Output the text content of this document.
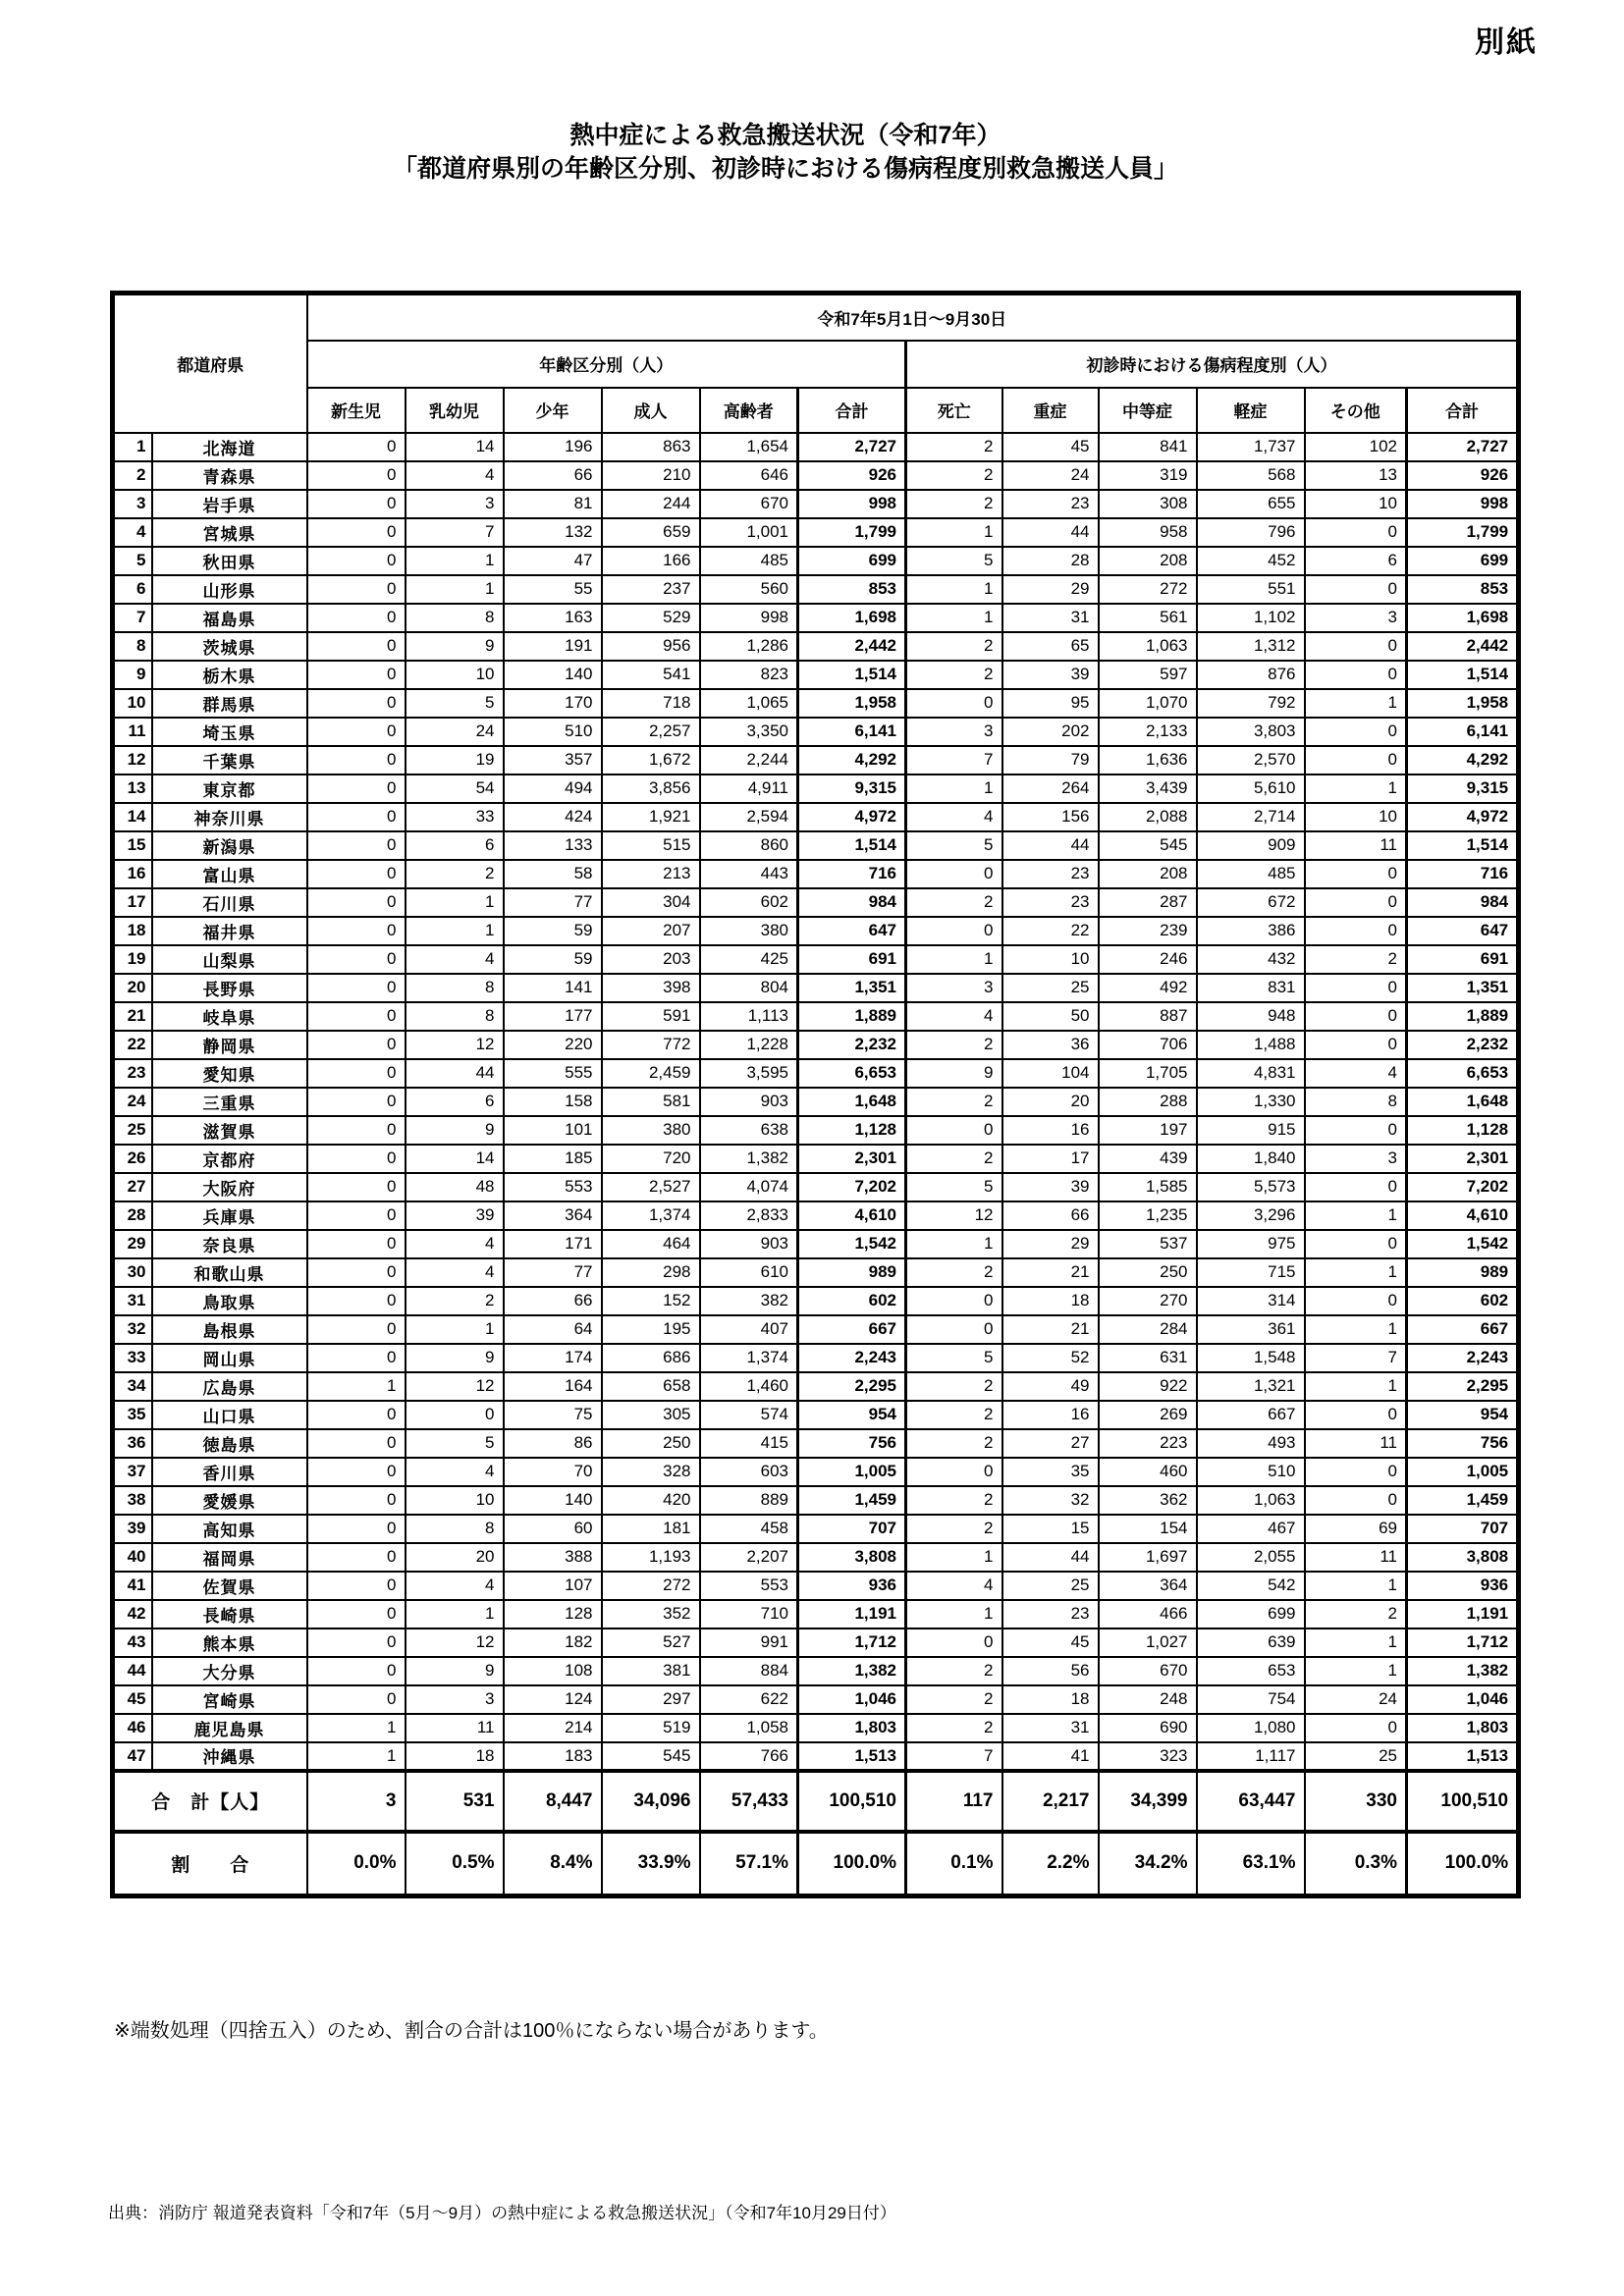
別紙
熱中症による救急搬送状況（令和7年）
「都道府県別の年齢区分別、初診時における傷病程度別救急搬送人員」
都道府県		令和7年5月1日～9月30日											
		年齢区分別（人）						初診時における傷病程度別（人）					
		新生児	乳幼児	少年	成人	高齢者	合計	死亡	重症	中等症	軽症	その他	合計
1	北海道	0	14	196	863	1,654	2,727	2	45	841	1,737	102	2,727
2	青森県	0	4	66	210	646	926	2	24	319	568	13	926
3	岩手県	0	3	81	244	670	998	2	23	308	655	10	998
4	宮城県	0	7	132	659	1,001	1,799	1	44	958	796	0	1,799
5	秋田県	0	1	47	166	485	699	5	28	208	452	6	699
6	山形県	0	1	55	237	560	853	1	29	272	551	0	853
7	福島県	0	8	163	529	998	1,698	1	31	561	1,102	3	1,698
8	茨城県	0	9	191	956	1,286	2,442	2	65	1,063	1,312	0	2,442
9	栃木県	0	10	140	541	823	1,514	2	39	597	876	0	1,514
10	群馬県	0	5	170	718	1,065	1,958	0	95	1,070	792	1	1,958
11	埼玉県	0	24	510	2,257	3,350	6,141	3	202	2,133	3,803	0	6,141
12	千葉県	0	19	357	1,672	2,244	4,292	7	79	1,636	2,570	0	4,292
13	東京都	0	54	494	3,856	4,911	9,315	1	264	3,439	5,610	1	9,315
14	神奈川県	0	33	424	1,921	2,594	4,972	4	156	2,088	2,714	10	4,972
15	新潟県	0	6	133	515	860	1,514	5	44	545	909	11	1,514
16	富山県	0	2	58	213	443	716	0	23	208	485	0	716
17	石川県	0	1	77	304	602	984	2	23	287	672	0	984
18	福井県	0	1	59	207	380	647	0	22	239	386	0	647
19	山梨県	0	4	59	203	425	691	1	10	246	432	2	691
20	長野県	0	8	141	398	804	1,351	3	25	492	831	0	1,351
21	岐阜県	0	8	177	591	1,113	1,889	4	50	887	948	0	1,889
22	静岡県	0	12	220	772	1,228	2,232	2	36	706	1,488	0	2,232
23	愛知県	0	44	555	2,459	3,595	6,653	9	104	1,705	4,831	4	6,653
24	三重県	0	6	158	581	903	1,648	2	20	288	1,330	8	1,648
25	滋賀県	0	9	101	380	638	1,128	0	16	197	915	0	1,128
26	京都府	0	14	185	720	1,382	2,301	2	17	439	1,840	3	2,301
27	大阪府	0	48	553	2,527	4,074	7,202	5	39	1,585	5,573	0	7,202
28	兵庫県	0	39	364	1,374	2,833	4,610	12	66	1,235	3,296	1	4,610
29	奈良県	0	4	171	464	903	1,542	1	29	537	975	0	1,542
30	和歌山県	0	4	77	298	610	989	2	21	250	715	1	989
31	鳥取県	0	2	66	152	382	602	0	18	270	314	0	602
32	島根県	0	1	64	195	407	667	0	21	284	361	1	667
33	岡山県	0	9	174	686	1,374	2,243	5	52	631	1,548	7	2,243
34	広島県	1	12	164	658	1,460	2,295	2	49	922	1,321	1	2,295
35	山口県	0	0	75	305	574	954	2	16	269	667	0	954
36	徳島県	0	5	86	250	415	756	2	27	223	493	11	756
37	香川県	0	4	70	328	603	1,005	0	35	460	510	0	1,005
38	愛媛県	0	10	140	420	889	1,459	2	32	362	1,063	0	1,459
39	高知県	0	8	60	181	458	707	2	15	154	467	69	707
40	福岡県	0	20	388	1,193	2,207	3,808	1	44	1,697	2,055	11	3,808
41	佐賀県	0	4	107	272	553	936	4	25	364	542	1	936
42	長崎県	0	1	128	352	710	1,191	1	23	466	699	2	1,191
43	熊本県	0	12	182	527	991	1,712	0	45	1,027	639	1	1,712
44	大分県	0	9	108	381	884	1,382	2	56	670	653	1	1,382
45	宮崎県	0	3	124	297	622	1,046	2	18	248	754	24	1,046
46	鹿児島県	1	11	214	519	1,058	1,803	2	31	690	1,080	0	1,803
47	沖縄県	1	18	183	545	766	1,513	7	41	323	1,117	25	1,513
合　計【人】		3	531	8,447	34,096	57,433	100,510	117	2,217	34,399	63,447	330	100,510
割　　合		0.0%	0.5%	8.4%	33.9%	57.1%	100.0%	0.1%	2.2%	34.2%	63.1%	0.3%	100.0%
※端数処理（四捨五入）のため、割合の合計は100％にならない場合があります。
出典：消防庁 報道発表資料「令和7年（5月～9月）の熱中症による救急搬送状況」（令和7年10月29日付）
